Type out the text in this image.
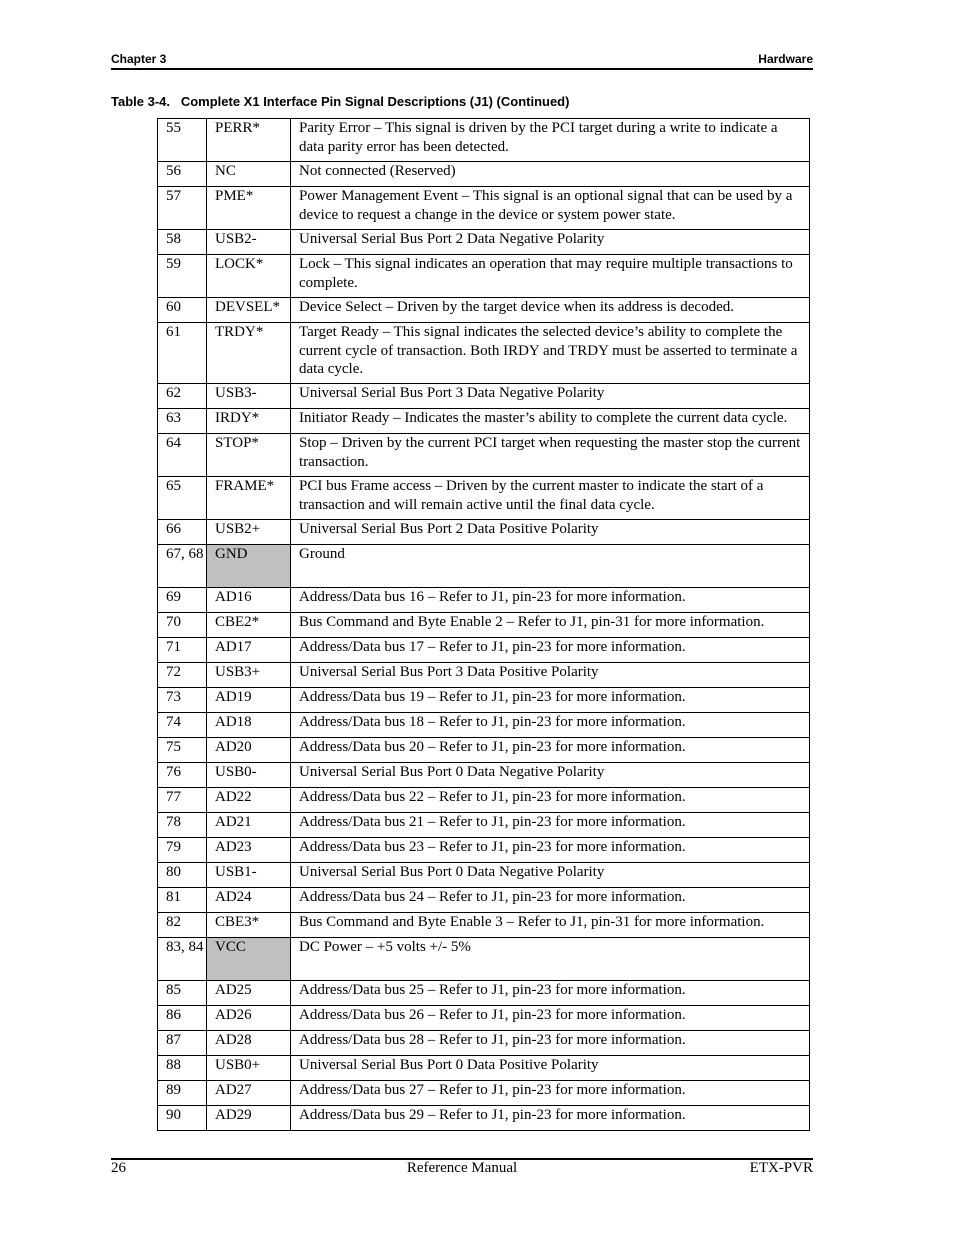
Chapter 3	Hardware
Table 3-4.   Complete X1 Interface Pin Signal Descriptions (J1) (Continued)
55	PERR*	Parity Error – This signal is driven by the PCI target during a write to indicate a data parity error has been detected.
56	NC	Not connected (Reserved)
57	PME*	Power Management Event – This signal is an optional signal that can be used by a device to request a change in the device or system power state.
58	USB2-	Universal Serial Bus Port 2 Data Negative Polarity
59	LOCK*	Lock – This signal indicates an operation that may require multiple transactions to complete.
60	DEVSEL*	Device Select – Driven by the target device when its address is decoded.
61	TRDY*	Target Ready – This signal indicates the selected device’s ability to complete the current cycle of transaction. Both IRDY and TRDY must be asserted to terminate a data cycle.
62	USB3-	Universal Serial Bus Port 3 Data Negative Polarity
63	IRDY*	Initiator Ready – Indicates the master’s ability to complete the current data cycle.
64	STOP*	Stop – Driven by the current PCI target when requesting the master stop the current transaction.
65	FRAME*	PCI bus Frame access – Driven by the current master to indicate the start of a transaction and will remain active until the final data cycle.
66	USB2+	Universal Serial Bus Port 2 Data Positive Polarity
67, 68	GND	Ground
69	AD16	Address/Data bus 16 – Refer to J1, pin-23 for more information.
70	CBE2*	Bus Command and Byte Enable 2 – Refer to J1, pin-31 for more information.
71	AD17	Address/Data bus 17 – Refer to J1, pin-23 for more information.
72	USB3+	Universal Serial Bus Port 3 Data Positive Polarity
73	AD19	Address/Data bus 19 – Refer to J1, pin-23 for more information.
74	AD18	Address/Data bus 18 – Refer to J1, pin-23 for more information.
75	AD20	Address/Data bus 20 – Refer to J1, pin-23 for more information.
76	USB0-	Universal Serial Bus Port 0 Data Negative Polarity
77	AD22	Address/Data bus 22 – Refer to J1, pin-23 for more information.
78	AD21	Address/Data bus 21 – Refer to J1, pin-23 for more information.
79	AD23	Address/Data bus 23 – Refer to J1, pin-23 for more information.
80	USB1-	Universal Serial Bus Port 0 Data Negative Polarity
81	AD24	Address/Data bus 24 – Refer to J1, pin-23 for more information.
82	CBE3*	Bus Command and Byte Enable 3 – Refer to J1, pin-31 for more information.
83, 84	VCC	DC Power – +5 volts +/- 5%
85	AD25	Address/Data bus 25 – Refer to J1, pin-23 for more information.
86	AD26	Address/Data bus 26 – Refer to J1, pin-23 for more information.
87	AD28	Address/Data bus 28 – Refer to J1, pin-23 for more information.
88	USB0+	Universal Serial Bus Port 0 Data Positive Polarity
89	AD27	Address/Data bus 27 – Refer to J1, pin-23 for more information.
90	AD29	Address/Data bus 29 – Refer to J1, pin-23 for more information.
26	Reference Manual	ETX-PVR
